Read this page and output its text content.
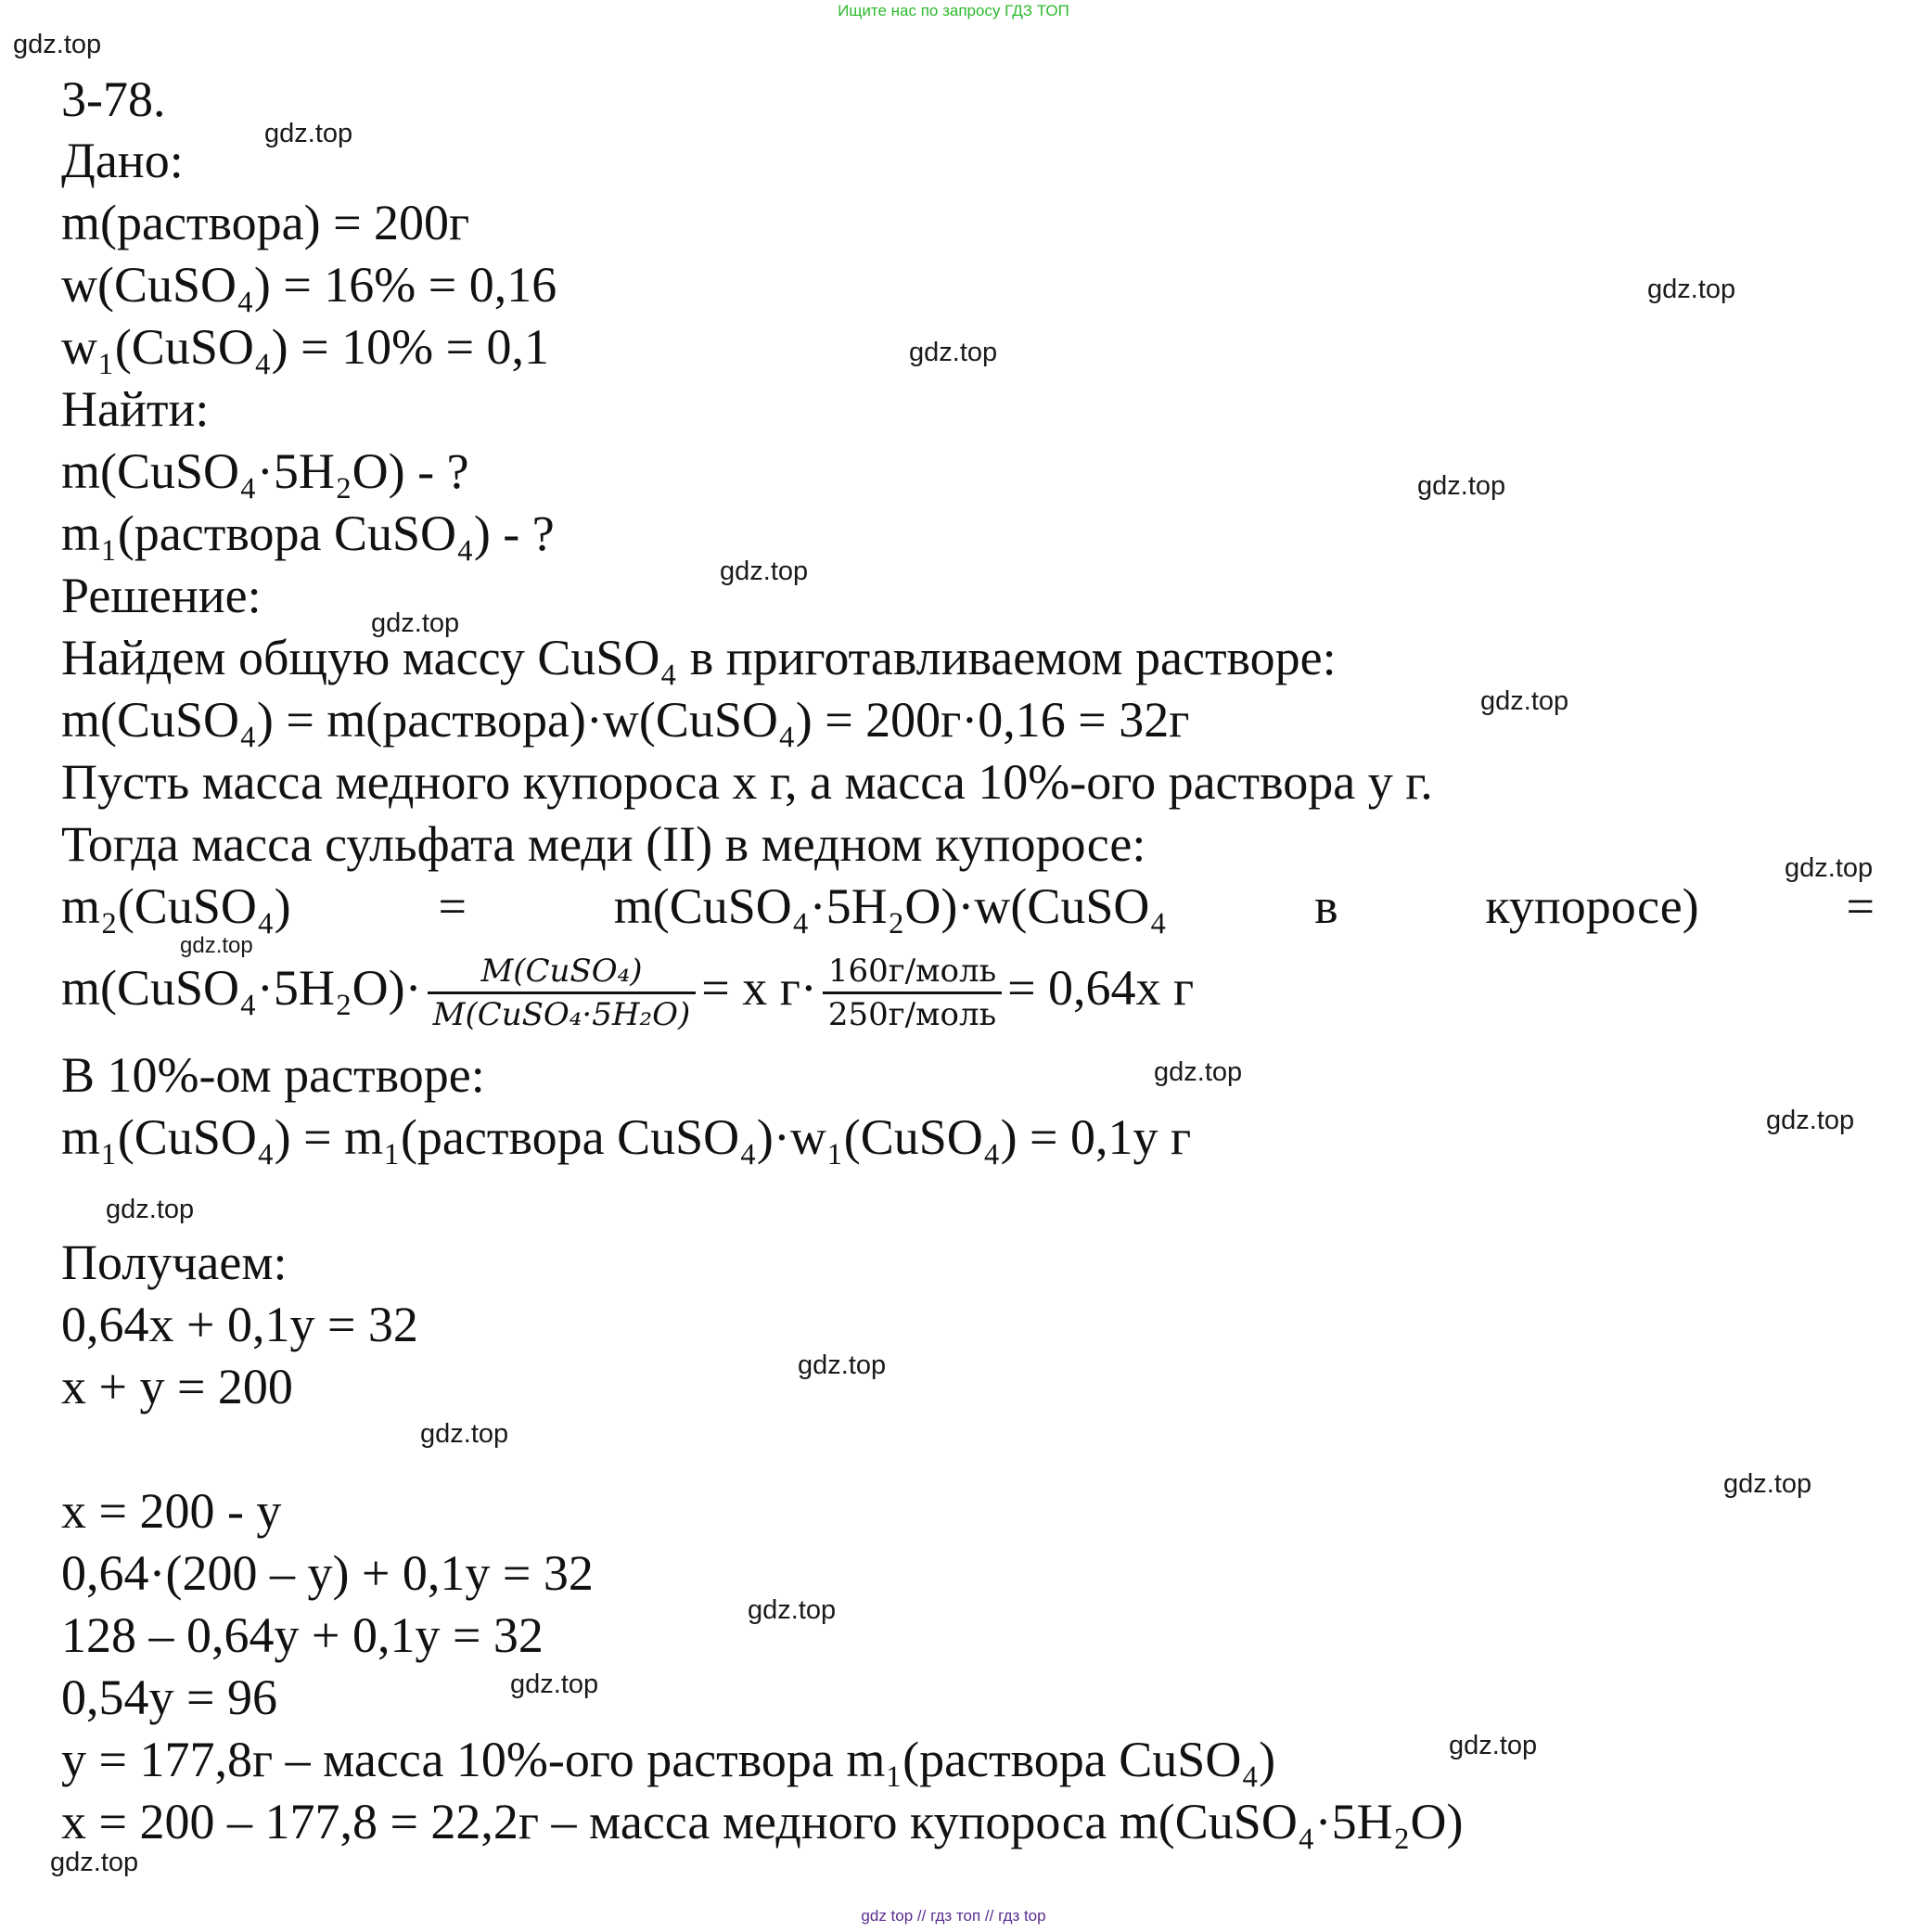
Ищите нас по запросу ГДЗ ТОП
gdz.top
gdz.top
gdz.top
gdz.top
gdz.top
gdz.top
gdz.top
gdz.top
gdz.top
gdz.top
gdz.top
gdz.top
gdz.top
gdz.top
gdz.top
gdz.top
gdz.top
gdz.top
gdz.top
gdz.top
3-78.
Дано:
m(раствора) = 200г
w(CuSO₄) = 16% = 0,16
w₁(CuSO₄) = 10% = 0,1
Найти:
m(CuSO₄·5H₂O) - ?
m₁(раствора CuSO₄) - ?
Решение:
Найдем общую массу CuSO₄ в приготавливаемом растворе:
m(CuSO₄) = m(раствора)·w(CuSO₄) = 200г·0,16 = 32г
Пусть масса медного купороса x г, а масса 10%-ого раствора y г.
Тогда масса сульфата меди (II) в медном купоросе:
m₂(CuSO₄)	=	m(CuSO₄·5H₂O)·w(CuSO₄	в	купоросе)	=
m(CuSO₄·5H₂O)· $\frac{\text{M(CuSO₄)}}{\text{M(CuSO₄·5H₂O)}} = x$ $г\cdot \frac{\text{160г/моль}}{\text{250г/моль}} = 0,64x$ г
В 10%-ом растворе:
m₁(CuSO₄) = m₁(раствора CuSO₄)·w₁(CuSO₄) = 0,1y г
Получаем:
0,64x + 0,1y = 32
x + y = 200
x = 200 - y
0,64·(200 – y) + 0,1y = 32
128 – 0,64y + 0,1y = 32
0,54y = 96
y = 177,8г – масса 10%-ого раствора m₁(раствора CuSO₄)
x = 200 – 177,8 = 22,2г – масса медного купороса m(CuSO₄·5H₂O)
gdz top // гдз топ // гдз top
